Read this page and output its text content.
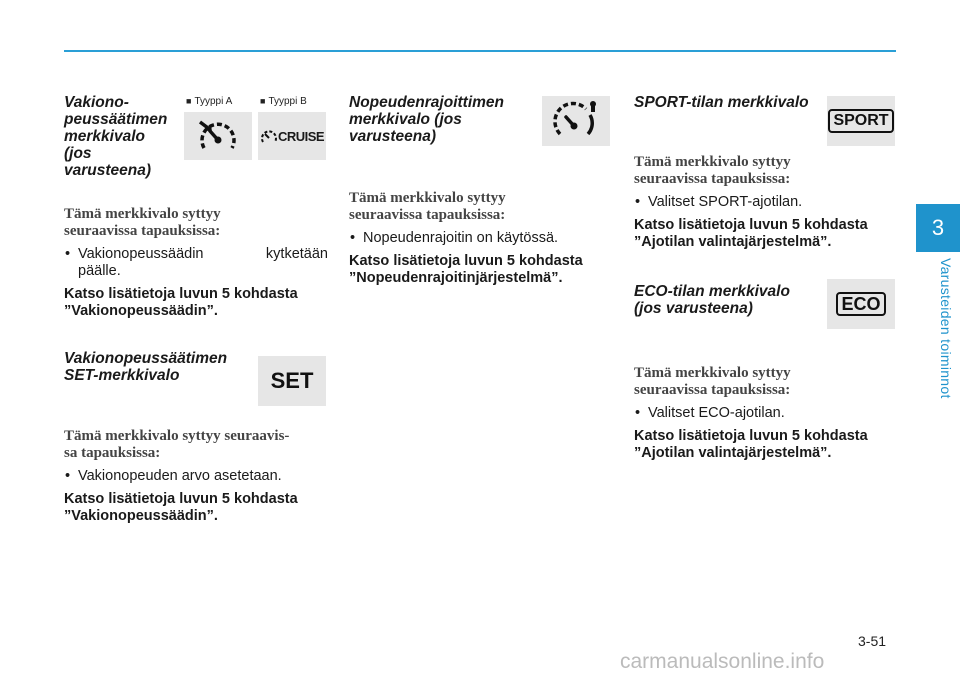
3
Varusteiden toiminnot
Vakiono-
peussäätimen
merkkivalo
(jos
varusteena)
■ Tyyppi A
■	Tyyppi B
CRUISE

Tämä merkkivalo syttyy
seuraavissa tapauksissa:

• Vakionopeussäädin kytketään
päälle.

Katso lisätietoja luvun 5 kohdasta
”Vakionopeussäädin”.

Vakionopeussäätimen
SET-merkkivalo	SET

Tämä merkkivalo syttyy seuraavis-
sa tapauksissa:

• Vakionopeuden arvo asetetaan.

Katso lisätietoja luvun 5 kohdasta
”Vakionopeussäädin”.

Nopeudenrajoittimen
merkkivalo (jos
varusteena)

Tämä merkkivalo syttyy
seuraavissa tapauksissa:

• Nopeudenrajoitin on käytössä.

Katso lisätietoja luvun 5 kohdasta
”Nopeudenrajoitinjärjestelmä”.

SPORT-tilan merkkivalo
SPORT

Tämä merkkivalo syttyy
seuraavissa tapauksissa:

• Valitset SPORT-ajotilan.

Katso lisätietoja luvun 5 kohdasta
”Ajotilan valintajärjestelmä”.

ECO-tilan merkkivalo
(jos varusteena)	ECO

Tämä merkkivalo syttyy
seuraavissa tapauksissa:

• Valitset ECO-ajotilan.

Katso lisätietoja luvun 5 kohdasta
”Ajotilan valintajärjestelmä”.

3-51
carmanualsonline.info
